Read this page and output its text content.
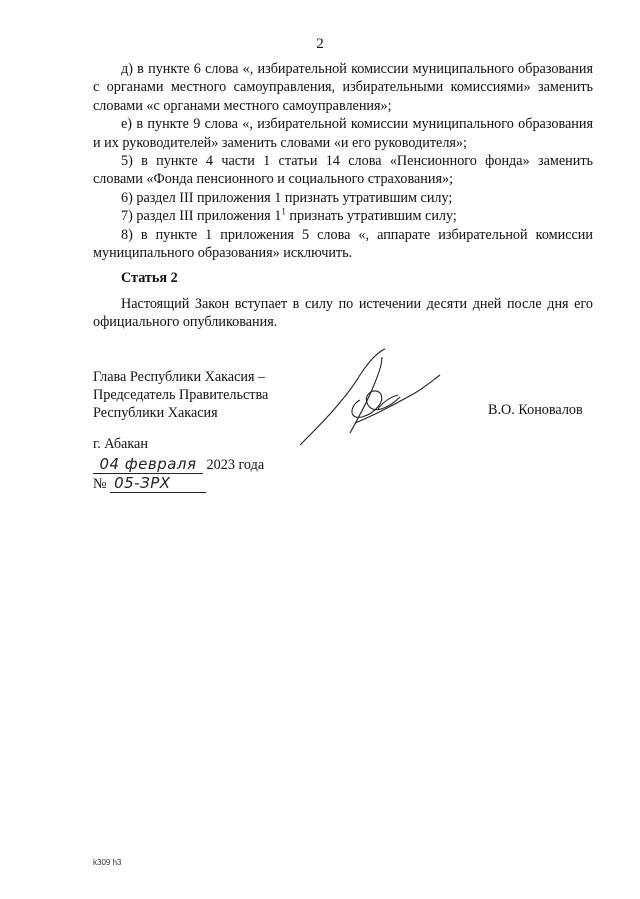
2

д) в пункте 6 слова «, избирательной комиссии муниципального образования с органами местного самоуправления, избирательными комиссиями» заменить словами «с органами местного самоуправления»;

е) в пункте 9 слова «, избирательной комиссии муниципального образования и их руководителей» заменить словами «и его руководителя»;

5) в пункте 4 части 1 статьи 14 слова «Пенсионного фонда» заменить словами «Фонда пенсионного и социального страхования»;

6) раздел III приложения 1 признать утратившим силу;

7) раздел III приложения $1^1$ признать утратившим силу;

8) в пункте 1 приложения 5 слова «, аппарате избирательной комиссии муниципального образования» исключить.

Статья 2
Настоящий Закон вступает в силу по истечении десяти дней после дня его официального опубликования.
Глава Республики Хакасия –
Председатель Правительства
Республики Хакасия	В.О. Коновалов
г. Абакан
04 февраля 2023 года
№ 05-ЗРХ
k309 h3
